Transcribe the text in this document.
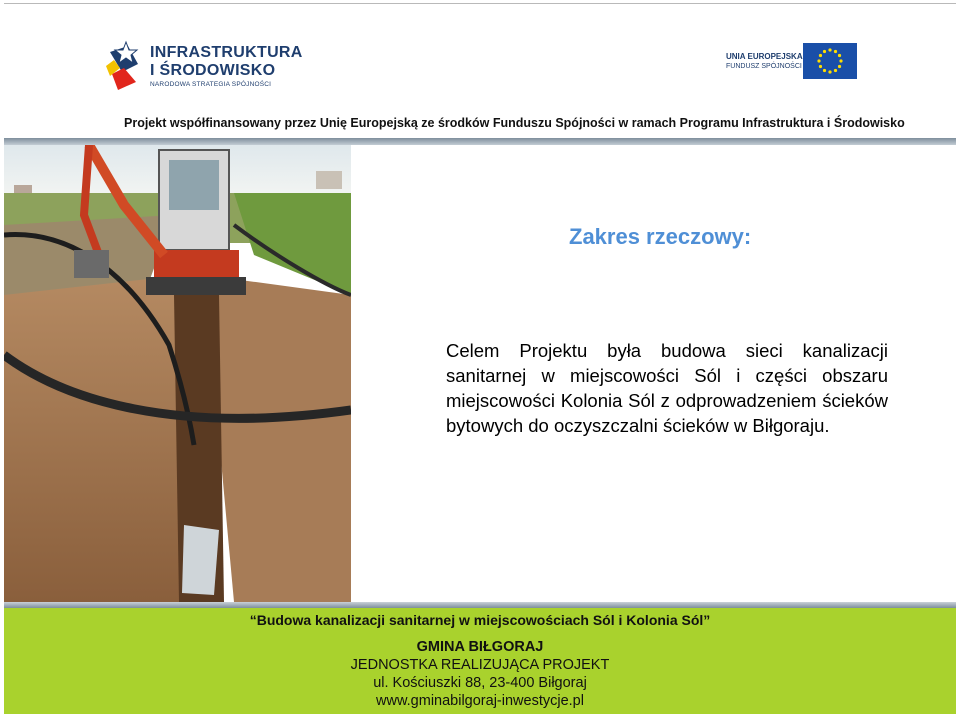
INFRASTRUKTURA
I ŚRODOWISKO
NARODOWA STRATEGIA SPÓJNOŚCI
UNIA EUROPEJSKA
FUNDUSZ SPÓJNOŚCI
Projekt współfinansowany przez Unię Europejską ze środków Funduszu Spójności w ramach Programu Infrastruktura i Środowisko
Zakres rzeczowy:
Celem Projektu była budowa sieci kanalizacji sanitarnej w miejscowości Sól i części obszaru miejscowości Kolonia Sól z odprowadzeniem ścieków bytowych do oczyszczalni ścieków w Biłgoraju.
“Budowa kanalizacji sanitarnej w miejscowościach Sól i Kolonia Sól”
GMINA BIŁGORAJ
JEDNOSTKA REALIZUJĄCA PROJEKT
ul. Kościuszki 88, 23-400 Biłgoraj
www.gminabilgoraj-inwestycje.pl
